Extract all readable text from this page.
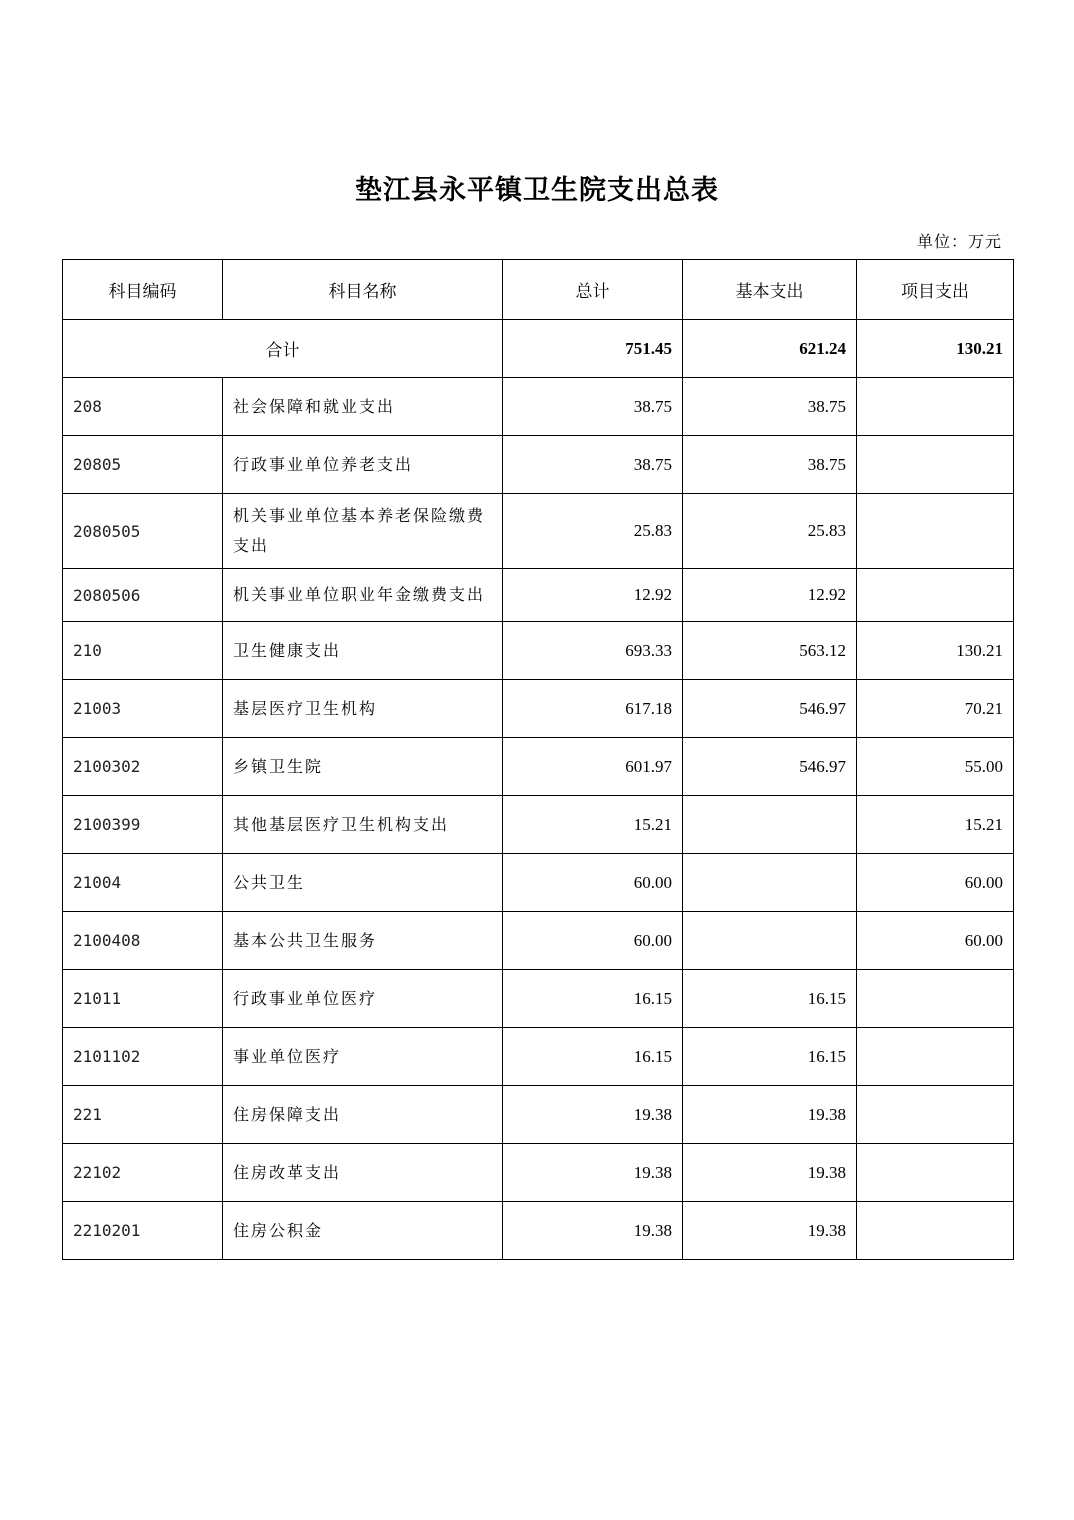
垫江县永平镇卫生院支出总表
单位：万元
科目编码	科目名称	总计	基本支出	项目支出
合计		751.45	621.24	130.21
208	社会保障和就业支出	38.75	38.75	
20805	行政事业单位养老支出	38.75	38.75	
2080505	机关事业单位基本养老保险缴费支出	25.83	25.83	
2080506	机关事业单位职业年金缴费支出	12.92	12.92	
210	卫生健康支出	693.33	563.12	130.21
21003	基层医疗卫生机构	617.18	546.97	70.21
2100302	乡镇卫生院	601.97	546.97	55.00
2100399	其他基层医疗卫生机构支出	15.21		15.21
21004	公共卫生	60.00		60.00
2100408	基本公共卫生服务	60.00		60.00
21011	行政事业单位医疗	16.15	16.15	
2101102	事业单位医疗	16.15	16.15	
221	住房保障支出	19.38	19.38	
22102	住房改革支出	19.38	19.38	
2210201	住房公积金	19.38	19.38	
